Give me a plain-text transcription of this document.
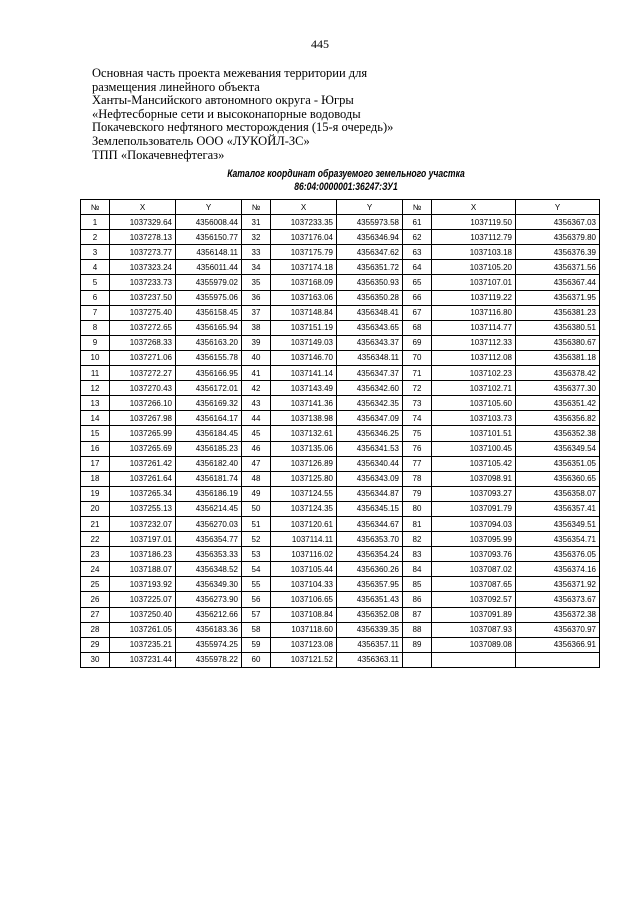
445
Основная часть проекта межевания территории для
размещения линейного объекта
Ханты-Мансийского автономного округа - Югры
«Нефтесборные сети и высоконапорные водоводы
Покачевского нефтяного месторождения (15-я очередь)»
Землепользователь ООО «ЛУКОЙЛ-ЗС»
ТПП «Покачевнефтегаз»
Каталог координат образуемого земельного участка
86:04:0000001:36247:ЗУ1
№	X	Y	№	X	Y	№	X	Y
1	1037329.64	4356008.44	31	1037233.35	4355973.58	61	1037119.50	4356367.03
2	1037278.13	4356150.77	32	1037176.04	4356346.94	62	1037112.79	4356379.80
3	1037273.77	4356148.11	33	1037175.79	4356347.62	63	1037103.18	4356376.39
4	1037323.24	4356011.44	34	1037174.18	4356351.72	64	1037105.20	4356371.56
5	1037233.73	4355979.02	35	1037168.09	4356350.93	65	1037107.01	4356367.44
6	1037237.50	4355975.06	36	1037163.06	4356350.28	66	1037119.22	4356371.95
7	1037275.40	4356158.45	37	1037148.84	4356348.41	67	1037116.80	4356381.23
8	1037272.65	4356165.94	38	1037151.19	4356343.65	68	1037114.77	4356380.51
9	1037268.33	4356163.20	39	1037149.03	4356343.37	69	1037112.33	4356380.67
10	1037271.06	4356155.78	40	1037146.70	4356348.11	70	1037112.08	4356381.18
11	1037272.27	4356166.95	41	1037141.14	4356347.37	71	1037102.23	4356378.42
12	1037270.43	4356172.01	42	1037143.49	4356342.60	72	1037102.71	4356377.30
13	1037266.10	4356169.32	43	1037141.36	4356342.35	73	1037105.60	4356351.42
14	1037267.98	4356164.17	44	1037138.98	4356347.09	74	1037103.73	4356356.82
15	1037265.99	4356184.45	45	1037132.61	4356346.25	75	1037101.51	4356352.38
16	1037265.69	4356185.23	46	1037135.06	4356341.53	76	1037100.45	4356349.54
17	1037261.42	4356182.40	47	1037126.89	4356340.44	77	1037105.42	4356351.05
18	1037261.64	4356181.74	48	1037125.80	4356343.09	78	1037098.91	4356360.65
19	1037265.34	4356186.19	49	1037124.55	4356344.87	79	1037093.27	4356358.07
20	1037255.13	4356214.45	50	1037124.35	4356345.15	80	1037091.79	4356357.41
21	1037232.07	4356270.03	51	1037120.61	4356344.67	81	1037094.03	4356349.51
22	1037197.01	4356354.77	52	1037114.11	4356353.70	82	1037095.99	4356354.71
23	1037186.23	4356353.33	53	1037116.02	4356354.24	83	1037093.76	4356376.05
24	1037188.07	4356348.52	54	1037105.44	4356360.26	84	1037087.02	4356374.16
25	1037193.92	4356349.30	55	1037104.33	4356357.95	85	1037087.65	4356371.92
26	1037225.07	4356273.90	56	1037106.65	4356351.43	86	1037092.57	4356373.67
27	1037250.40	4356212.66	57	1037108.84	4356352.08	87	1037091.89	4356372.38
28	1037261.05	4356183.36	58	1037118.60	4356339.35	88	1037087.93	4356370.97
29	1037235.21	4355974.25	59	1037123.08	4356357.11	89	1037089.08	4356366.91
30	1037231.44	4355978.22	60	1037121.52	4356363.11			
